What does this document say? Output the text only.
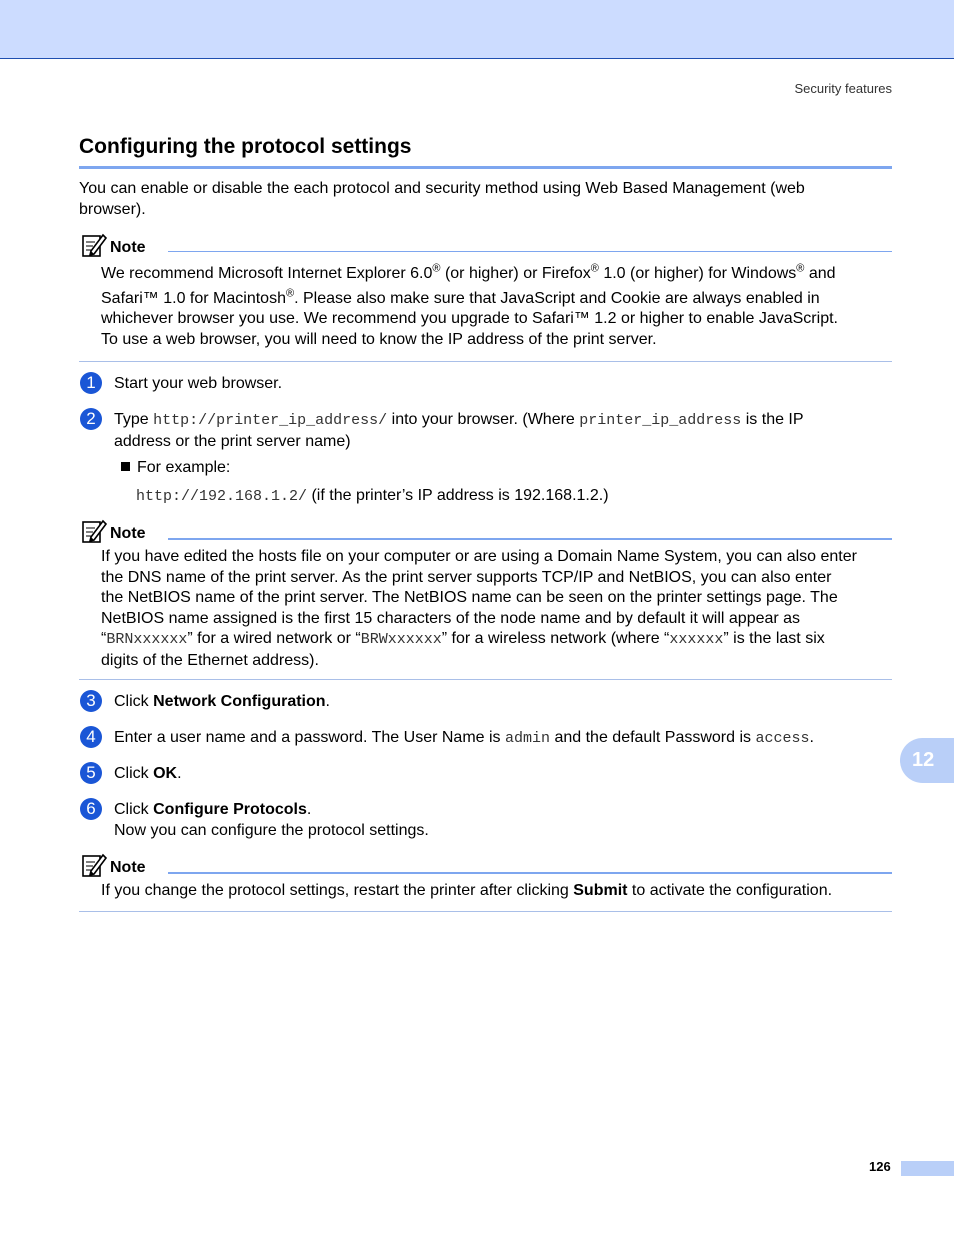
Security features
Configuring the protocol settings
You can enable or disable the each protocol and security method using Web Based Management (web
browser).
Note
We recommend Microsoft Internet Explorer 6.0® (or higher) or Firefox® 1.0 (or higher) for Windows® and
Safari™ 1.0 for Macintosh®. Please also make sure that JavaScript and Cookie are always enabled in
whichever browser you use. We recommend you upgrade to Safari™ 1.2 or higher to enable JavaScript.
To use a web browser, you will need to know the IP address of the print server.
1	Start your web browser.
2	Type http://printer_ip_address/ into your browser. (Where printer_ip_address is the IP
address or the print server name)
For example:
http://192.168.1.2/ (if the printer’s IP address is 192.168.1.2.)
Note
If you have edited the hosts file on your computer or are using a Domain Name System, you can also enter
the DNS name of the print server. As the print server supports TCP/IP and NetBIOS, you can also enter
the NetBIOS name of the print server. The NetBIOS name can be seen on the printer settings page. The
NetBIOS name assigned is the first 15 characters of the node name and by default it will appear as
“BRNxxxxxx” for a wired network or “BRWxxxxxx” for a wireless network (where “xxxxxx” is the last six
digits of the Ethernet address).
3	Click Network Configuration.
4	Enter a user name and a password. The User Name is admin and the default Password is access.
5	Click OK.
6	Click Configure Protocols.
Now you can configure the protocol settings.
Note
If you change the protocol settings, restart the printer after clicking Submit to activate the configuration.
12
126
